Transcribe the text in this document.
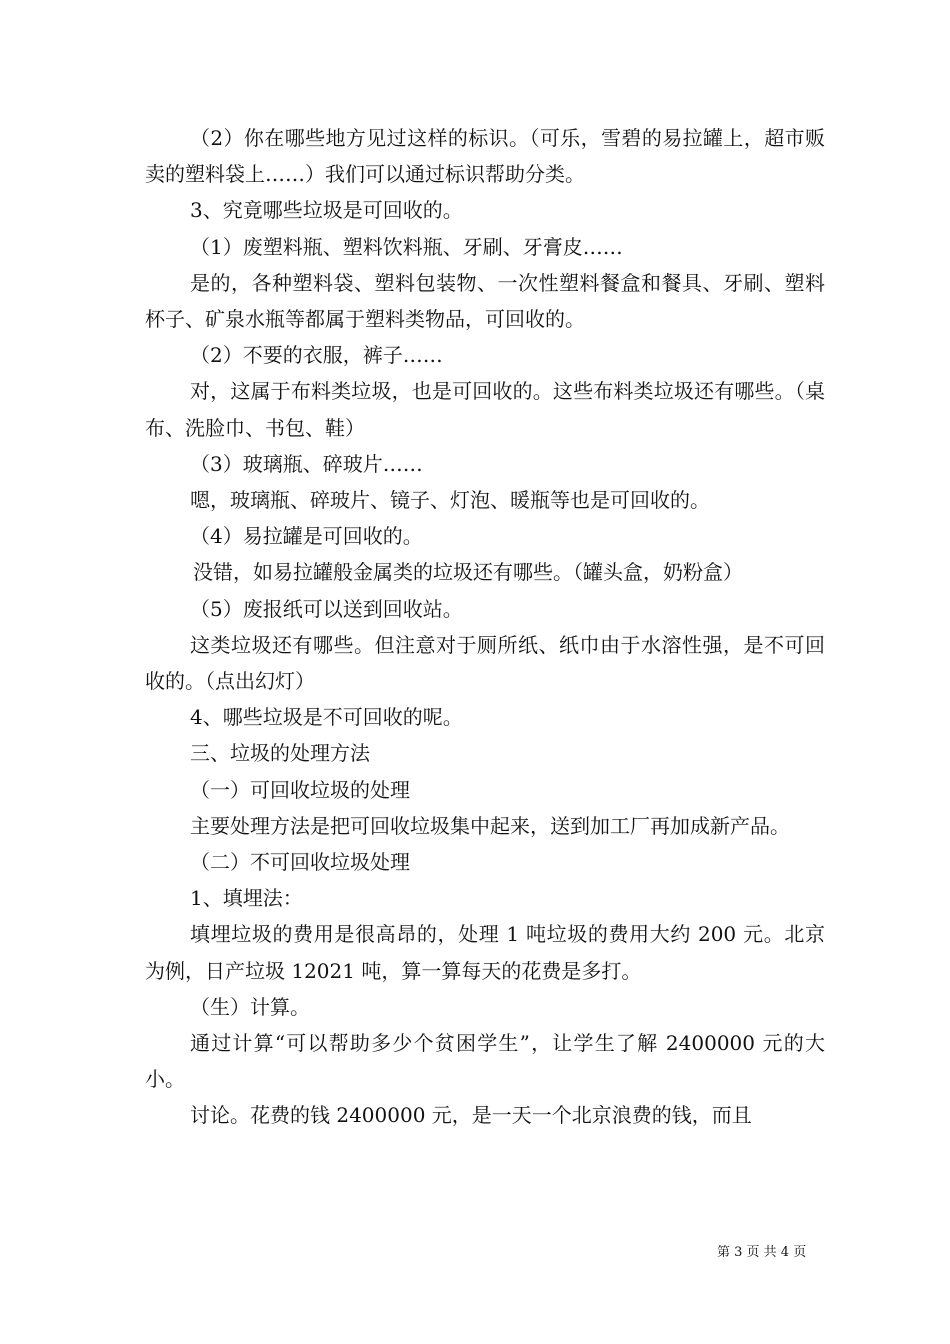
（2）你在哪些地方见过这样的标识。（可乐，雪碧的易拉罐上，超市贩卖的塑料袋上……）我们可以通过标识帮助分类。

3、究竟哪些垃圾是可回收的。

（1）废塑料瓶、塑料饮料瓶、牙刷、牙膏皮……

是的，各种塑料袋、塑料包装物、一次性塑料餐盒和餐具、牙刷、塑料杯子、矿泉水瓶等都属于塑料类物品，可回收的。

（2）不要的衣服，裤子……

对，这属于布料类垃圾，也是可回收的。这些布料类垃圾还有哪些。（桌布、洗脸巾、书包、鞋）

（3）玻璃瓶、碎玻片……

嗯，玻璃瓶、碎玻片、镜子、灯泡、暖瓶等也是可回收的。

（4）易拉罐是可回收的。

没错，如易拉罐般金属类的垃圾还有哪些。（罐头盒，奶粉盒）

（5）废报纸可以送到回收站。

这类垃圾还有哪些。但注意对于厕所纸、纸巾由于水溶性强，是不可回收的。（点出幻灯）

4、哪些垃圾是不可回收的呢。

三、垃圾的处理方法

（一）可回收垃圾的处理

主要处理方法是把可回收垃圾集中起来，送到加工厂再加成新产品。

（二）不可回收垃圾处理

1、填埋法：

填埋垃圾的费用是很高昂的，处理 1 吨垃圾的费用大约 200 元。北京为例，日产垃圾 12021 吨，算一算每天的花费是多打。

（生）计算。

通过计算“可以帮助多少个贫困学生”，让学生了解 2400000 元的大小。

讨论。花费的钱 2400000 元，是一天一个北京浪费的钱，而且

第 3 页 共 4 页
